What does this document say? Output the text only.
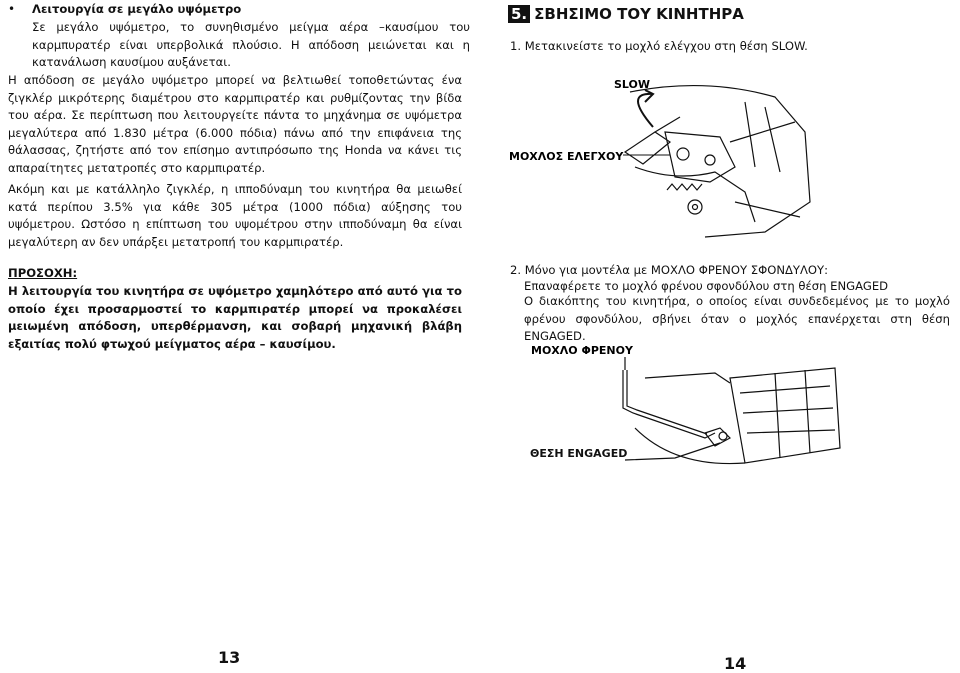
• Λειτουργία σε μεγάλο υψόμετρο
Σε μεγάλο υψόμετρο, το συνηθισμένο μείγμα αέρα –καυσίμου του καρμπυρατέρ είναι υπερβολικά πλούσιο. Η απόδοση μειώνεται και η κατανάλωση καυσίμου αυξάνεται.
Η απόδοση σε μεγάλο υψόμετρο μπορεί να βελτιωθεί τοποθετώντας ένα ζιγκλέρ μικρότερης διαμέτρου στο καρμπιρατέρ και ρυθμίζοντας την βίδα του αέρα. Σε περίπτωση που λειτουργείτε πάντα το μηχάνημα σε υψόμετρα μεγαλύτερα από 1.830 μέτρα (6.000 πόδια) πάνω από την επιφάνεια της θάλασσας, ζητήστε από τον επίσημο αντιπρόσωπο της Honda να κάνει τις απαραίτητες μετατροπές στο καρμπιρατέρ.
Ακόμη και με κατάλληλο ζιγκλέρ, η ιπποδύναμη του κινητήρα θα μειωθεί κατά περίπου 3.5% για κάθε 305 μέτρα (1000 πόδια) αύξησης του υψόμετρου. Ωστόσο η επίπτωση του υψομέτρου στην ιπποδύναμη θα είναι μεγαλύτερη αν δεν υπάρξει μετατροπή του καρμπιρατέρ.
ΠΡΟΣΟΧΗ:
Η λειτουργία του κινητήρα σε υψόμετρο χαμηλότερο από αυτό για το οποίο έχει προσαρμοστεί το καρμπιρατέρ μπορεί να προκαλέσει μειωμένη απόδοση, υπερθέρμανση, και σοβαρή μηχανική βλάβη εξαιτίας πολύ φτωχού μείγματος αέρα – καυσίμου.
13
5. ΣΒΗΣΙΜΟ ΤΟΥ ΚΙΝΗΤΗΡΑ
1. Μετακινείστε το μοχλό ελέγχου στη θέση SLOW.
SLOW
ΜΟΧΛΟΣ ΕΛΕΓΧΟΥ
2. Μόνο για μοντέλα με ΜΟΧΛΟ ΦΡΕΝΟΥ ΣΦΟΝΔΥΛΟΥ:
Επαναφέρετε το μοχλό φρένου σφονδύλου στη θέση ENGAGED
Ο διακόπτης του κινητήρα, ο οποίος είναι συνδεδεμένος με το μοχλό φρένου σφονδύλου, σβήνει όταν ο μοχλός επανέρχεται στη θέση ENGAGED.
ΜΟΧΛΟ ΦΡΕΝΟΥ
ΘΕΣΗ ENGAGED
14
